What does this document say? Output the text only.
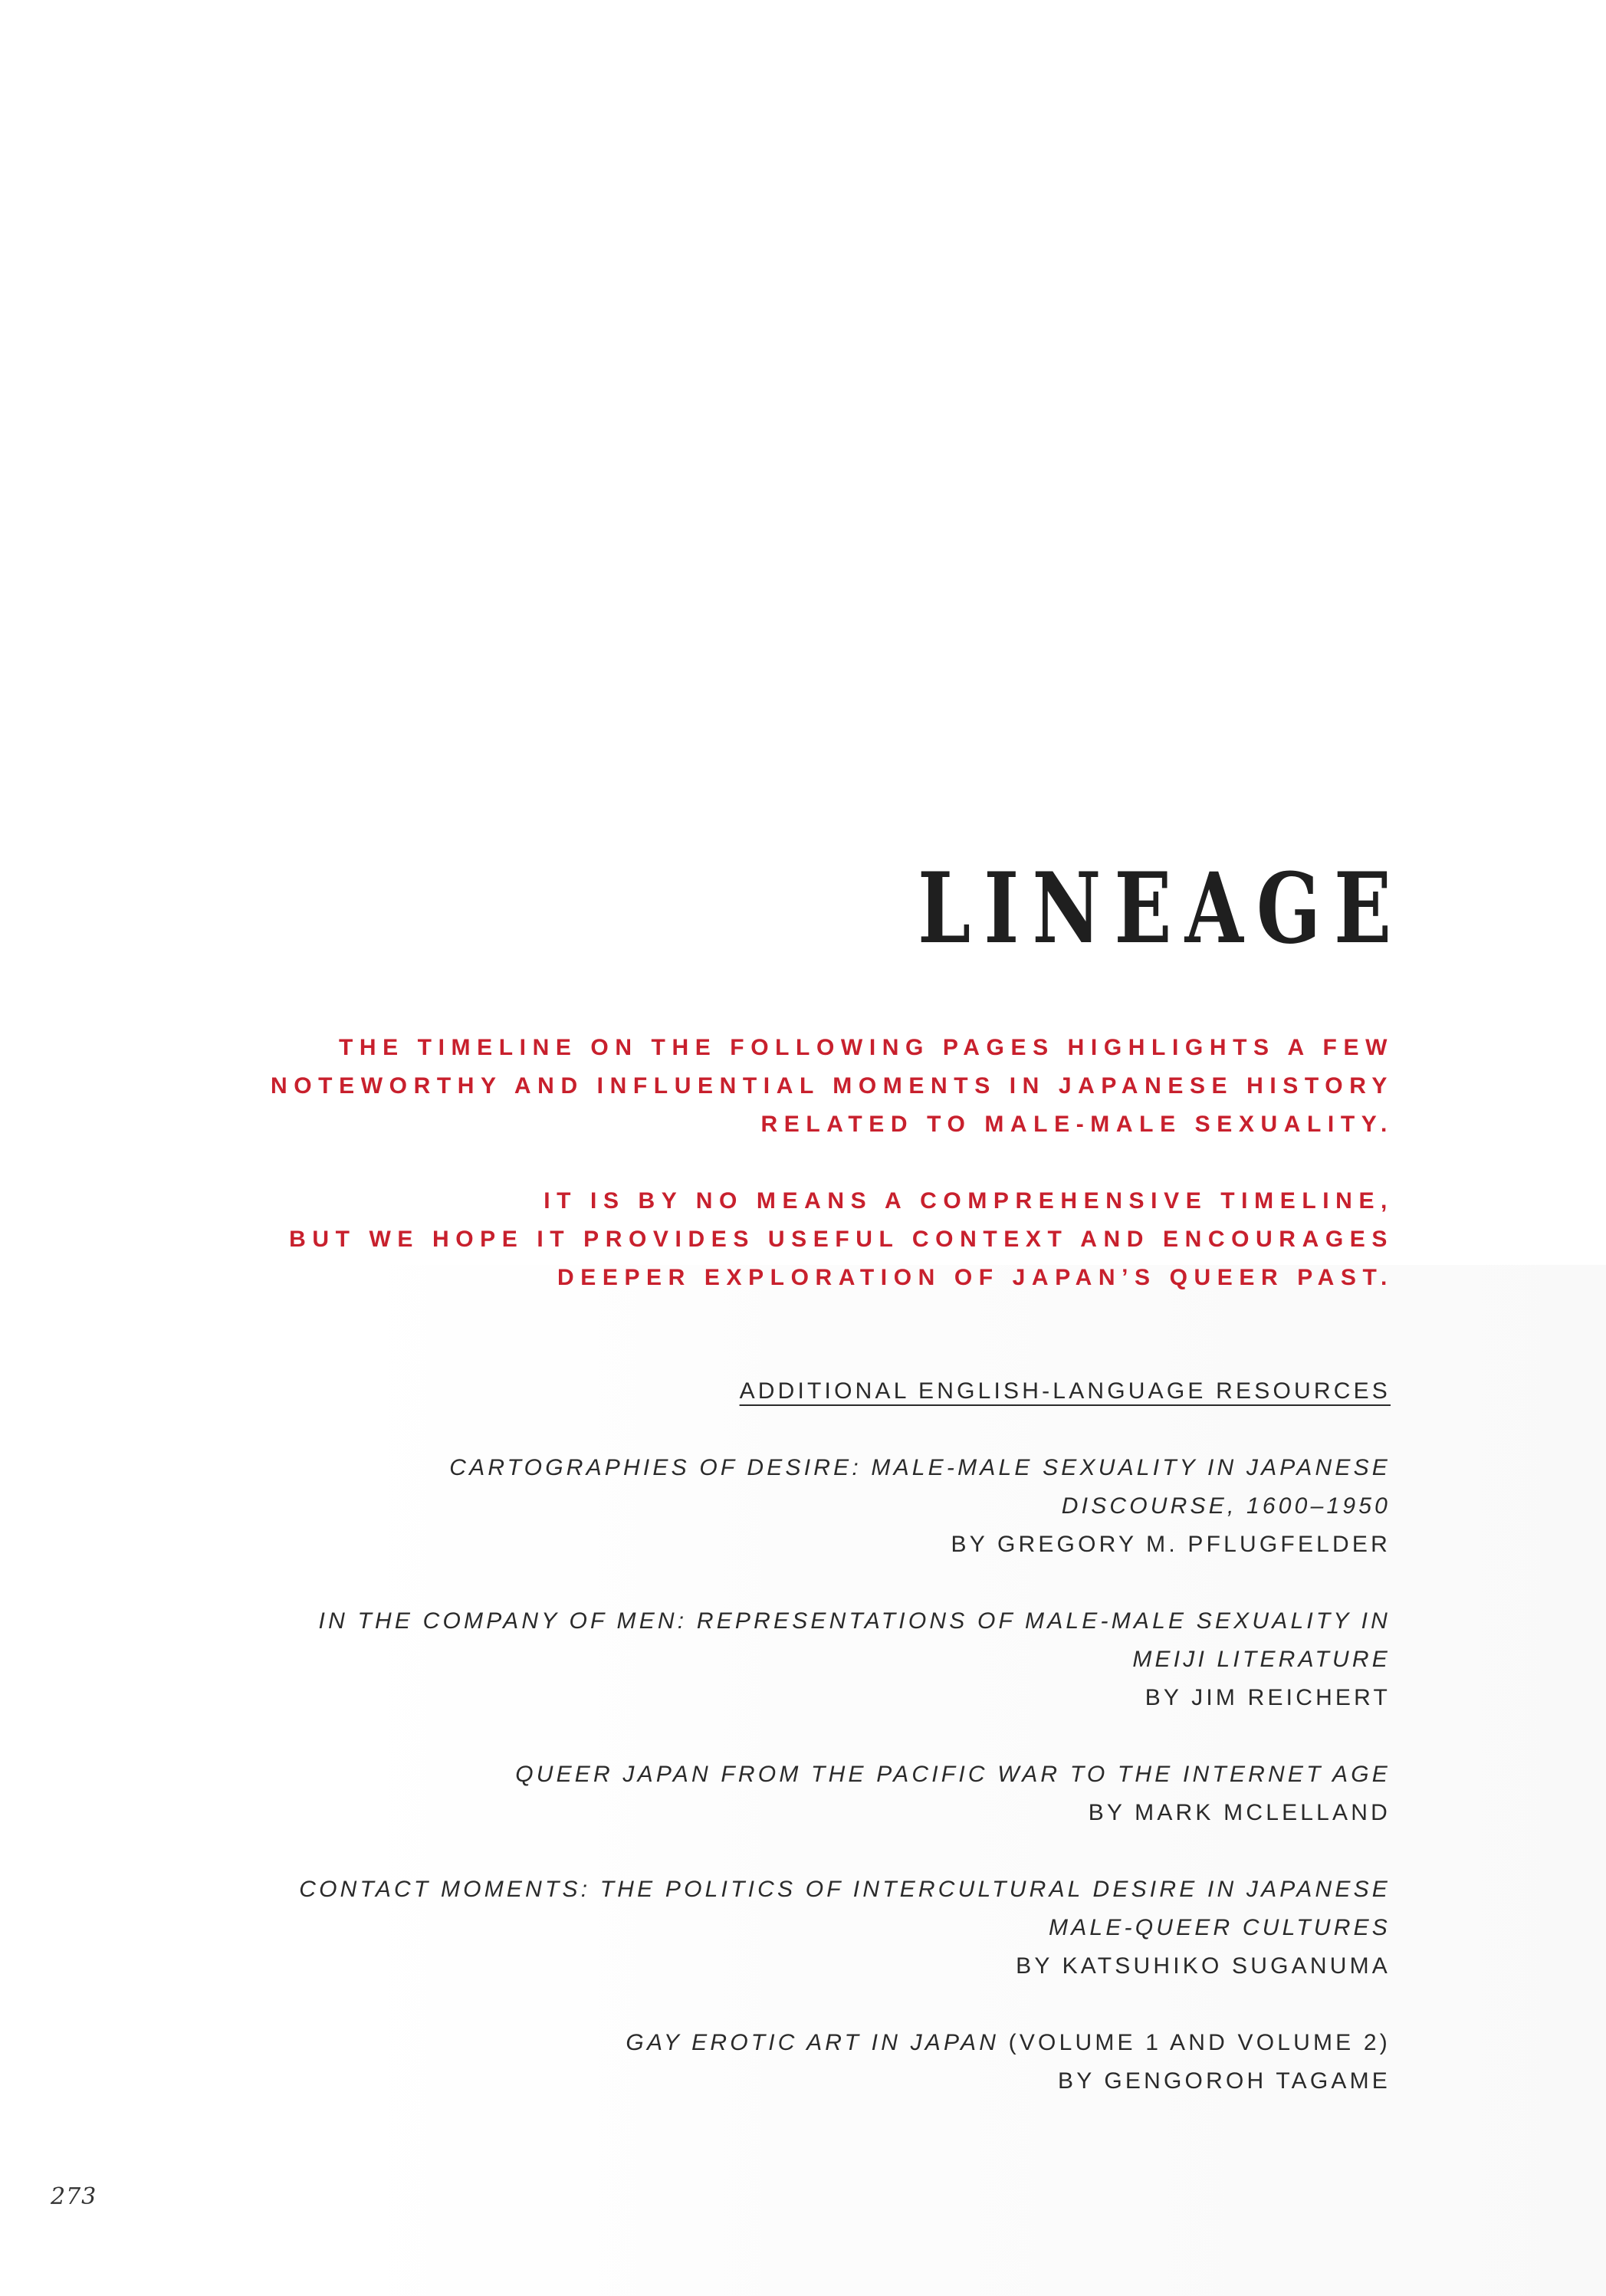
LINEAGE

THE TIMELINE ON THE FOLLOWING PAGES HIGHLIGHTS A FEW
NOTEWORTHY AND INFLUENTIAL MOMENTS IN JAPANESE HISTORY
RELATED TO MALE-MALE SEXUALITY.

IT IS BY NO MEANS A COMPREHENSIVE TIMELINE,
BUT WE HOPE IT PROVIDES USEFUL CONTEXT AND ENCOURAGES
DEEPER EXPLORATION OF JAPAN’S QUEER PAST.

ADDITIONAL ENGLISH-LANGUAGE RESOURCES
CARTOGRAPHIES OF DESIRE: MALE-MALE SEXUALITY IN JAPANESE
DISCOURSE, 1600–1950
BY GREGORY M. PFLUGFELDER
IN THE COMPANY OF MEN: REPRESENTATIONS OF MALE-MALE SEXUALITY IN
MEIJI LITERATURE
BY JIM REICHERT
QUEER JAPAN FROM THE PACIFIC WAR TO THE INTERNET AGE
BY MARK MCLELLAND
CONTACT MOMENTS: THE POLITICS OF INTERCULTURAL DESIRE IN JAPANESE
MALE-QUEER CULTURES
BY KATSUHIKO SUGANUMA
GAY EROTIC ART IN JAPAN (VOLUME 1 AND VOLUME 2)
BY GENGOROH TAGAME
273
